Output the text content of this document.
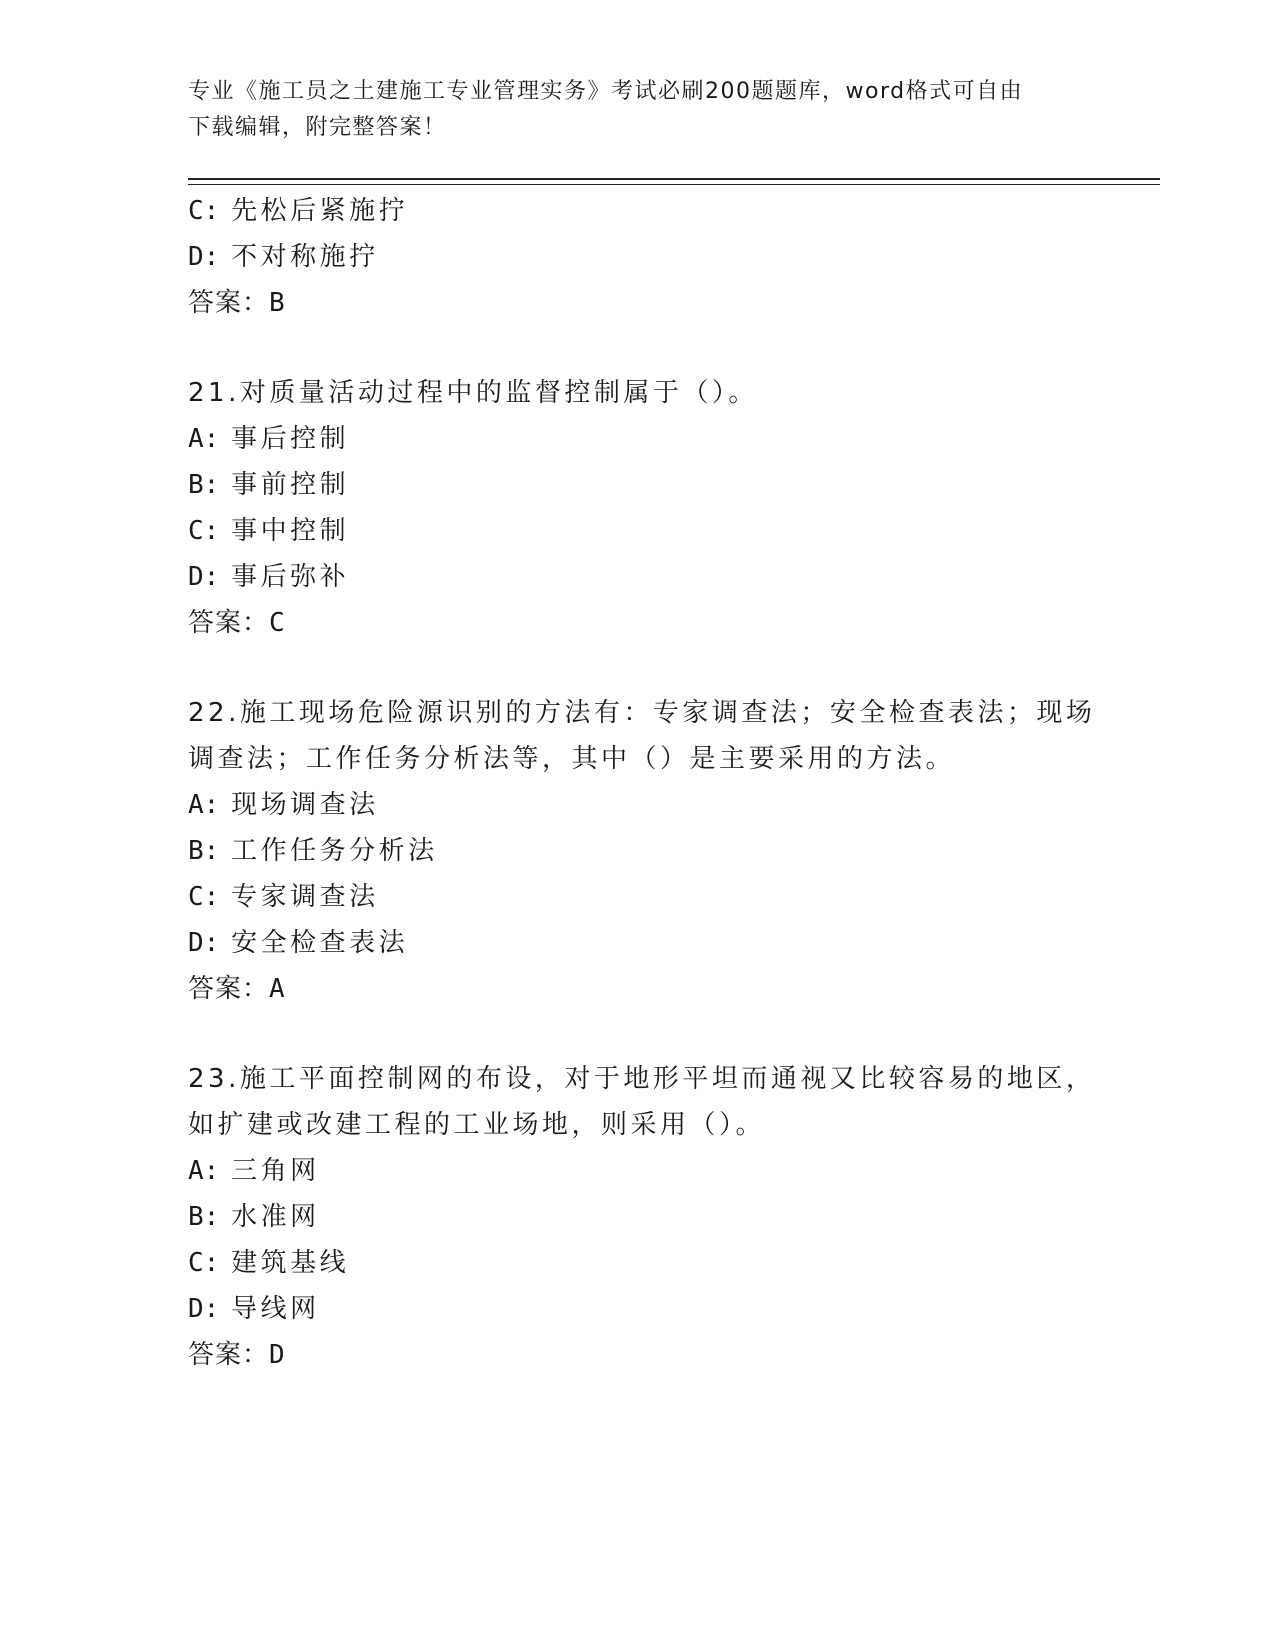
专业《施工员之土建施工专业管理实务》考试必刷200题题库，word格式可自由
下载编辑，附完整答案！
C: 先松后紧施拧
D: 不对称施拧
答案：B
21.对质量活动过程中的监督控制属于（）。
A: 事后控制
B: 事前控制
C: 事中控制
D: 事后弥补
答案：C
22.施工现场危险源识别的方法有：专家调查法；安全检查表法；现场
调查法；工作任务分析法等，其中（）是主要采用的方法。
A: 现场调查法
B: 工作任务分析法
C: 专家调查法
D: 安全检查表法
答案：A
23.施工平面控制网的布设，对于地形平坦而通视又比较容易的地区，
如扩建或改建工程的工业场地，则采用（）。
A: 三角网
B: 水准网
C: 建筑基线
D: 导线网
答案：D
